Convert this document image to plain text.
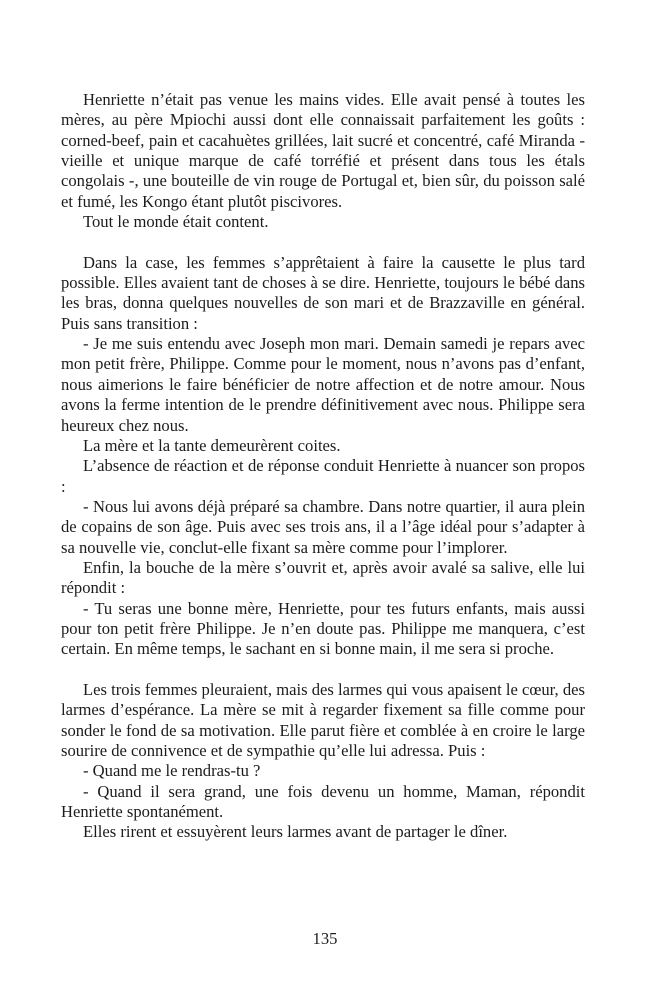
Henriette n’était pas venue les mains vides. Elle avait pensé à toutes les mères, au père Mpiochi aussi dont elle connaissait parfaitement les goûts : corned-beef, pain et cacahuètes grillées, lait sucré et concentré, café Miranda - vieille et unique marque de café torréfié et présent dans tous les étals congolais -, une bouteille de vin rouge de Portugal et, bien sûr, du poisson salé et fumé, les Kongo étant plutôt piscivores.

Tout le monde était content.

Dans la case, les femmes s’apprêtaient à faire la causette le plus tard possible. Elles avaient tant de choses à se dire. Henriette, toujours le bébé dans les bras, donna quelques nouvelles de son mari et de Brazzaville en général. Puis sans transition :

- Je me suis entendu avec Joseph mon mari. Demain samedi je repars avec mon petit frère, Philippe. Comme pour le moment, nous n’avons pas d’enfant, nous aimerions le faire bénéficier de notre affection et de notre amour. Nous avons la ferme intention de le prendre définitivement avec nous. Philippe sera heureux chez nous.

La mère et la tante demeurèrent coites.

L’absence de réaction et de réponse conduit Henriette à nuancer son propos :

- Nous lui avons déjà préparé sa chambre. Dans notre quartier, il aura plein de copains de son âge. Puis avec ses trois ans, il a l’âge idéal pour s’adapter à sa nouvelle vie, conclut-elle fixant sa mère comme pour l’implorer.

Enfin, la bouche de la mère s’ouvrit et, après avoir avalé sa salive, elle lui répondit :

- Tu seras une bonne mère, Henriette, pour tes futurs enfants, mais aussi pour ton petit frère Philippe. Je n’en doute pas. Philippe me manquera, c’est certain. En même temps, le sachant en si bonne main, il me sera si proche.

Les trois femmes pleuraient, mais des larmes qui vous apaisent le cœur, des larmes d’espérance. La mère se mit à regarder fixement sa fille comme pour sonder le fond de sa motivation. Elle parut fière et comblée à en croire le large sourire de connivence et de sympathie qu’elle lui adressa. Puis :

- Quand me le rendras-tu ?

- Quand il sera grand, une fois devenu un homme, Maman, répondit Henriette spontanément.

Elles rirent et essuyèrent leurs larmes avant de partager le dîner.

135
